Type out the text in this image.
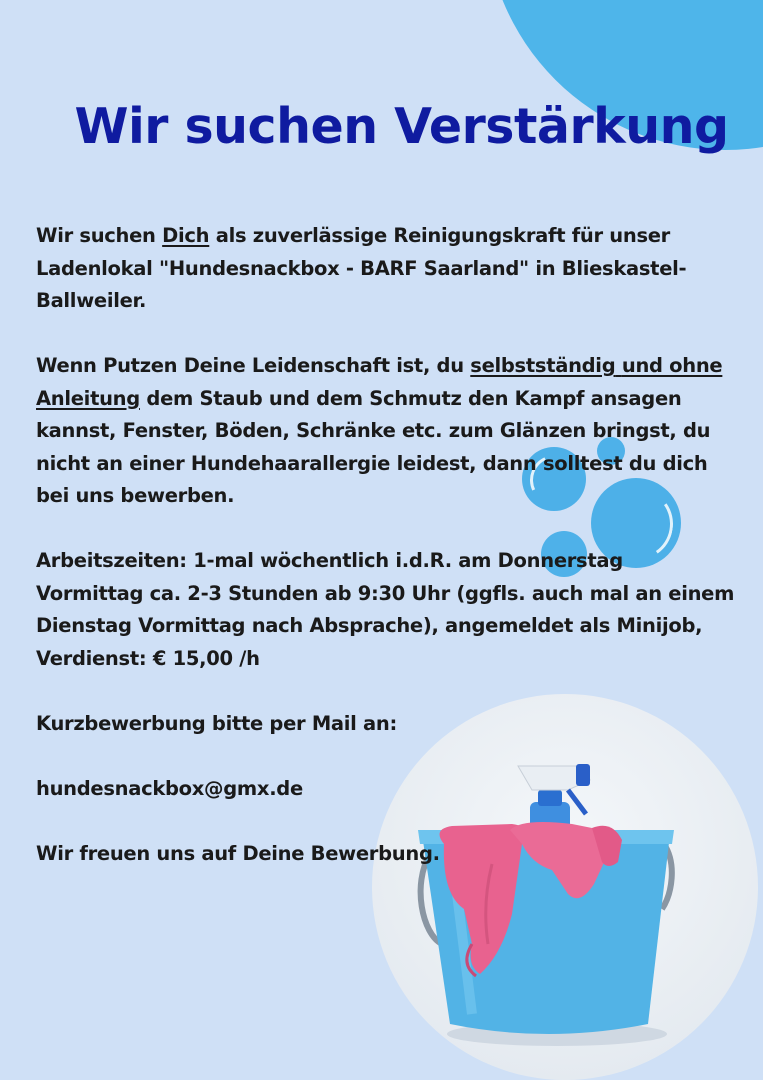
Wir suchen Verstärkung

Wir suchen Dich als zuverlässige Reinigungskraft für unser Ladenlokal "Hundesnackbox - BARF Saarland" in Blieskastel-Ballweiler.

Wenn Putzen Deine Leidenschaft ist, du selbstständig und ohne Anleitung dem Staub und dem Schmutz den Kampf ansagen kannst, Fenster, Böden, Schränke etc. zum Glänzen bringst, du nicht an einer Hundehaarallergie leidest, dann solltest du dich bei uns bewerben.

Arbeitszeiten: 1-mal wöchentlich i.d.R. am Donnerstag Vormittag ca. 2-3 Stunden ab 9:30 Uhr (ggfls. auch mal an einem Dienstag Vormittag nach Absprache), angemeldet als Minijob, Verdienst: € 15,00 /h

Kurzbewerbung bitte per Mail an:

hundesnackbox@gmx.de

Wir freuen uns auf Deine Bewerbung.
